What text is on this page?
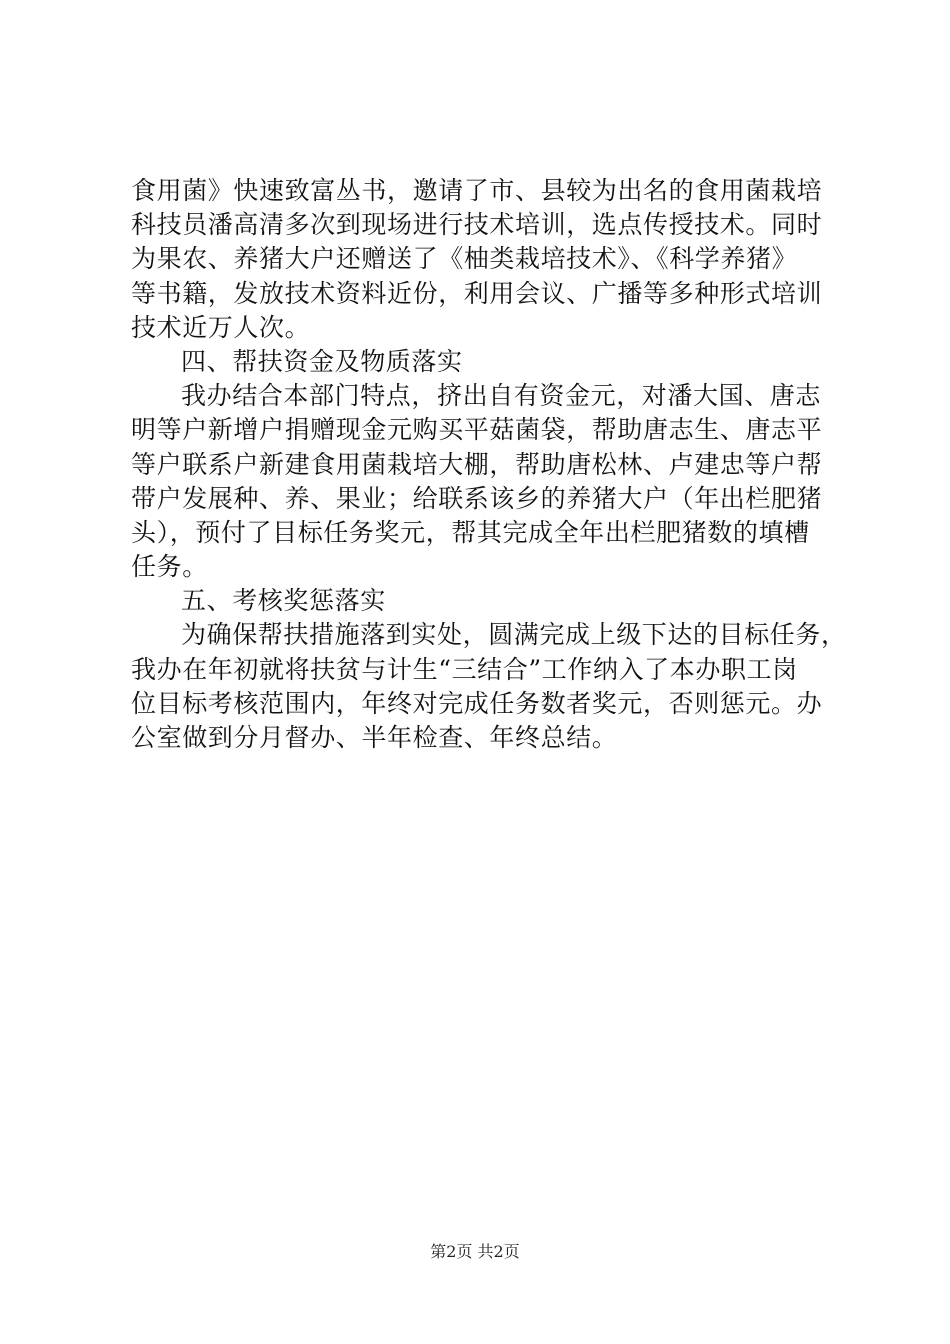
食用菌》快速致富丛书，邀请了市、县较为出名的食用菌栽培
科技员潘高清多次到现场进行技术培训，选点传授技术。同时
为果农、养猪大户还赠送了《柚类栽培技术》、《科学养猪》
等书籍，发放技术资料近份，利用会议、广播等多种形式培训
技术近万人次。
四、帮扶资金及物质落实
我办结合本部门特点，挤出自有资金元，对潘大国、唐志
明等户新增户捐赠现金元购买平菇菌袋，帮助唐志生、唐志平
等户联系户新建食用菌栽培大棚，帮助唐松林、卢建忠等户帮
带户发展种、养、果业；给联系该乡的养猪大户（年出栏肥猪
头），预付了目标任务奖元，帮其完成全年出栏肥猪数的填槽
任务。
五、考核奖惩落实
为确保帮扶措施落到实处，圆满完成上级下达的目标任务，
我办在年初就将扶贫与计生“三结合”工作纳入了本办职工岗
位目标考核范围内，年终对完成任务数者奖元，否则惩元。办
公室做到分月督办、半年检查、年终总结。
第2页 共2页
